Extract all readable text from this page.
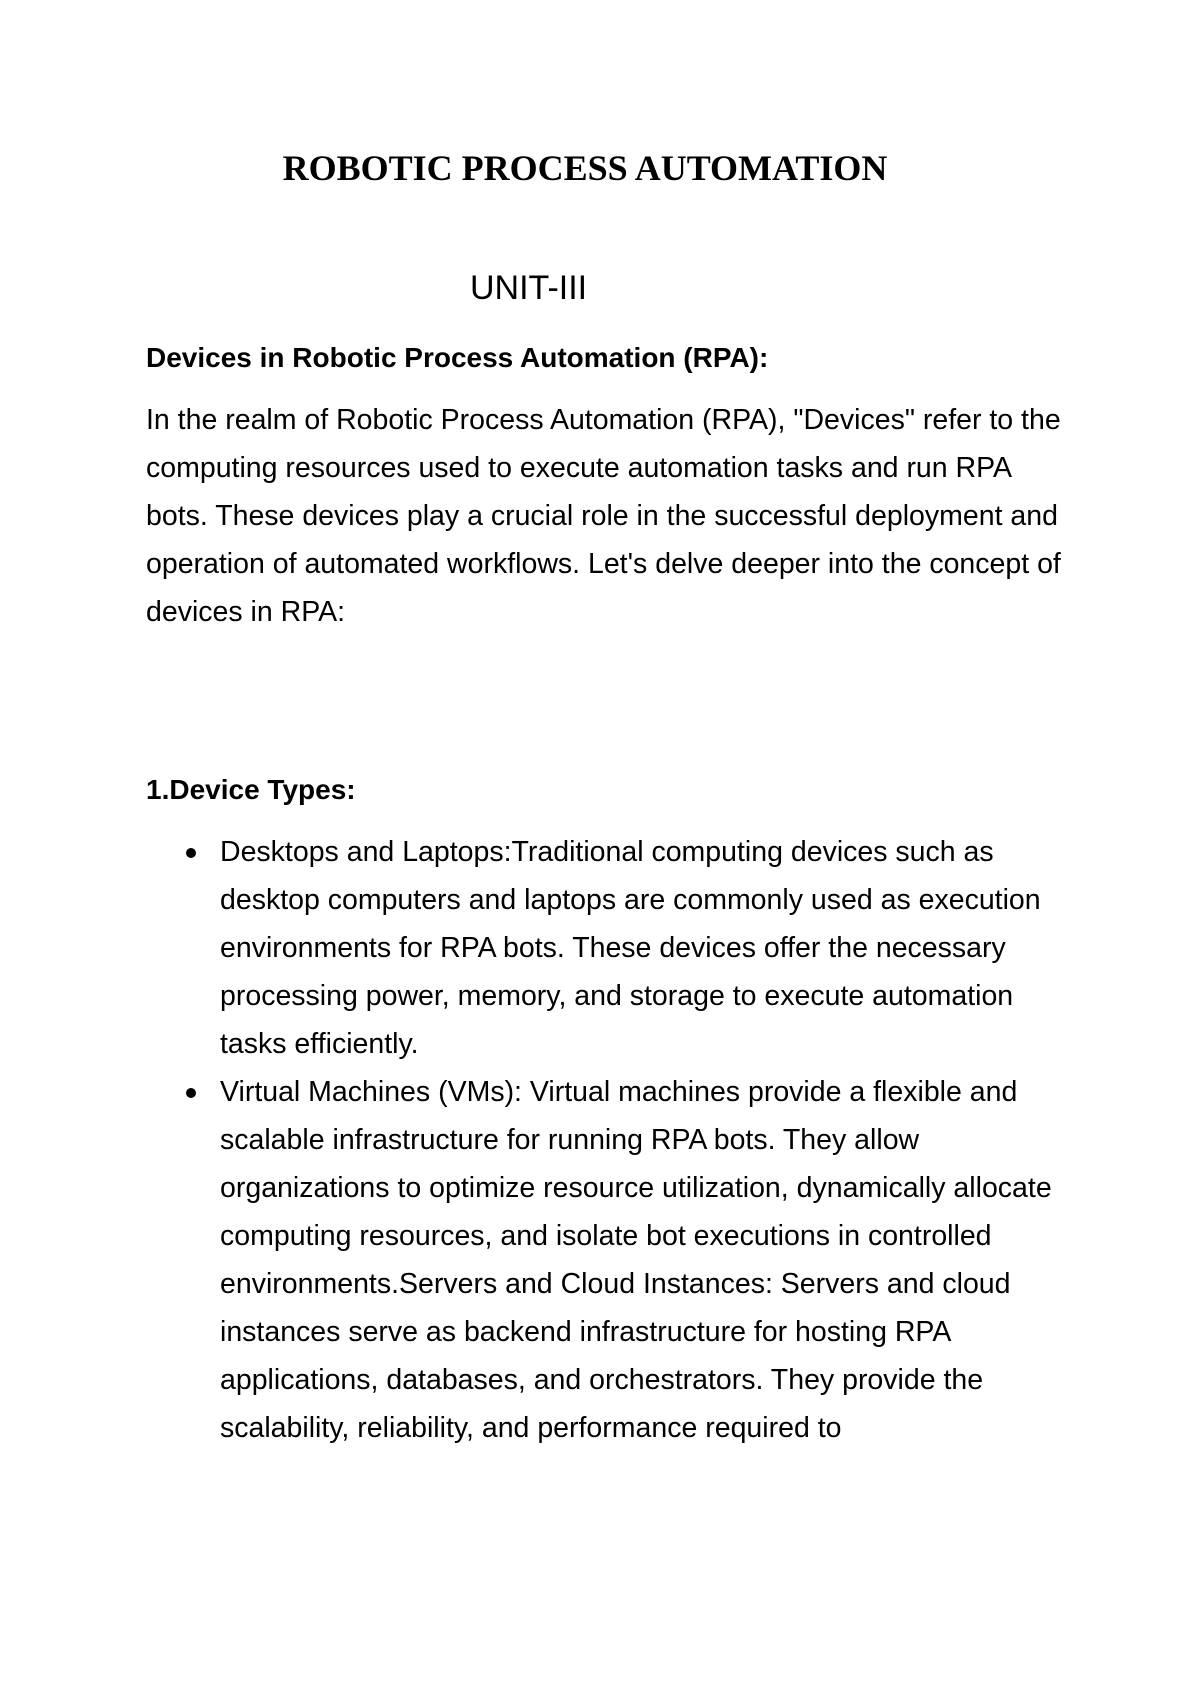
ROBOTIC PROCESS AUTOMATION
UNIT-III
Devices in Robotic Process Automation (RPA):

In the realm of Robotic Process Automation (RPA), "Devices" refer to the computing resources used to execute automation tasks and run RPA bots. These devices play a crucial role in the successful deployment and operation of automated workflows. Let's delve deeper into the concept of devices in RPA:

1.Device Types:
Desktops and Laptops:Traditional computing devices such as desktop computers and laptops are commonly used as execution environments for RPA bots. These devices offer the necessary processing power, memory, and storage to execute automation tasks efficiently.
Virtual Machines (VMs): Virtual machines provide a flexible and scalable infrastructure for running RPA bots. They allow organizations to optimize resource utilization, dynamically allocate computing resources, and isolate bot executions in controlled environments.Servers and Cloud Instances: Servers and cloud instances serve as backend infrastructure for hosting RPA applications, databases, and orchestrators. They provide the scalability, reliability, and performance required to
